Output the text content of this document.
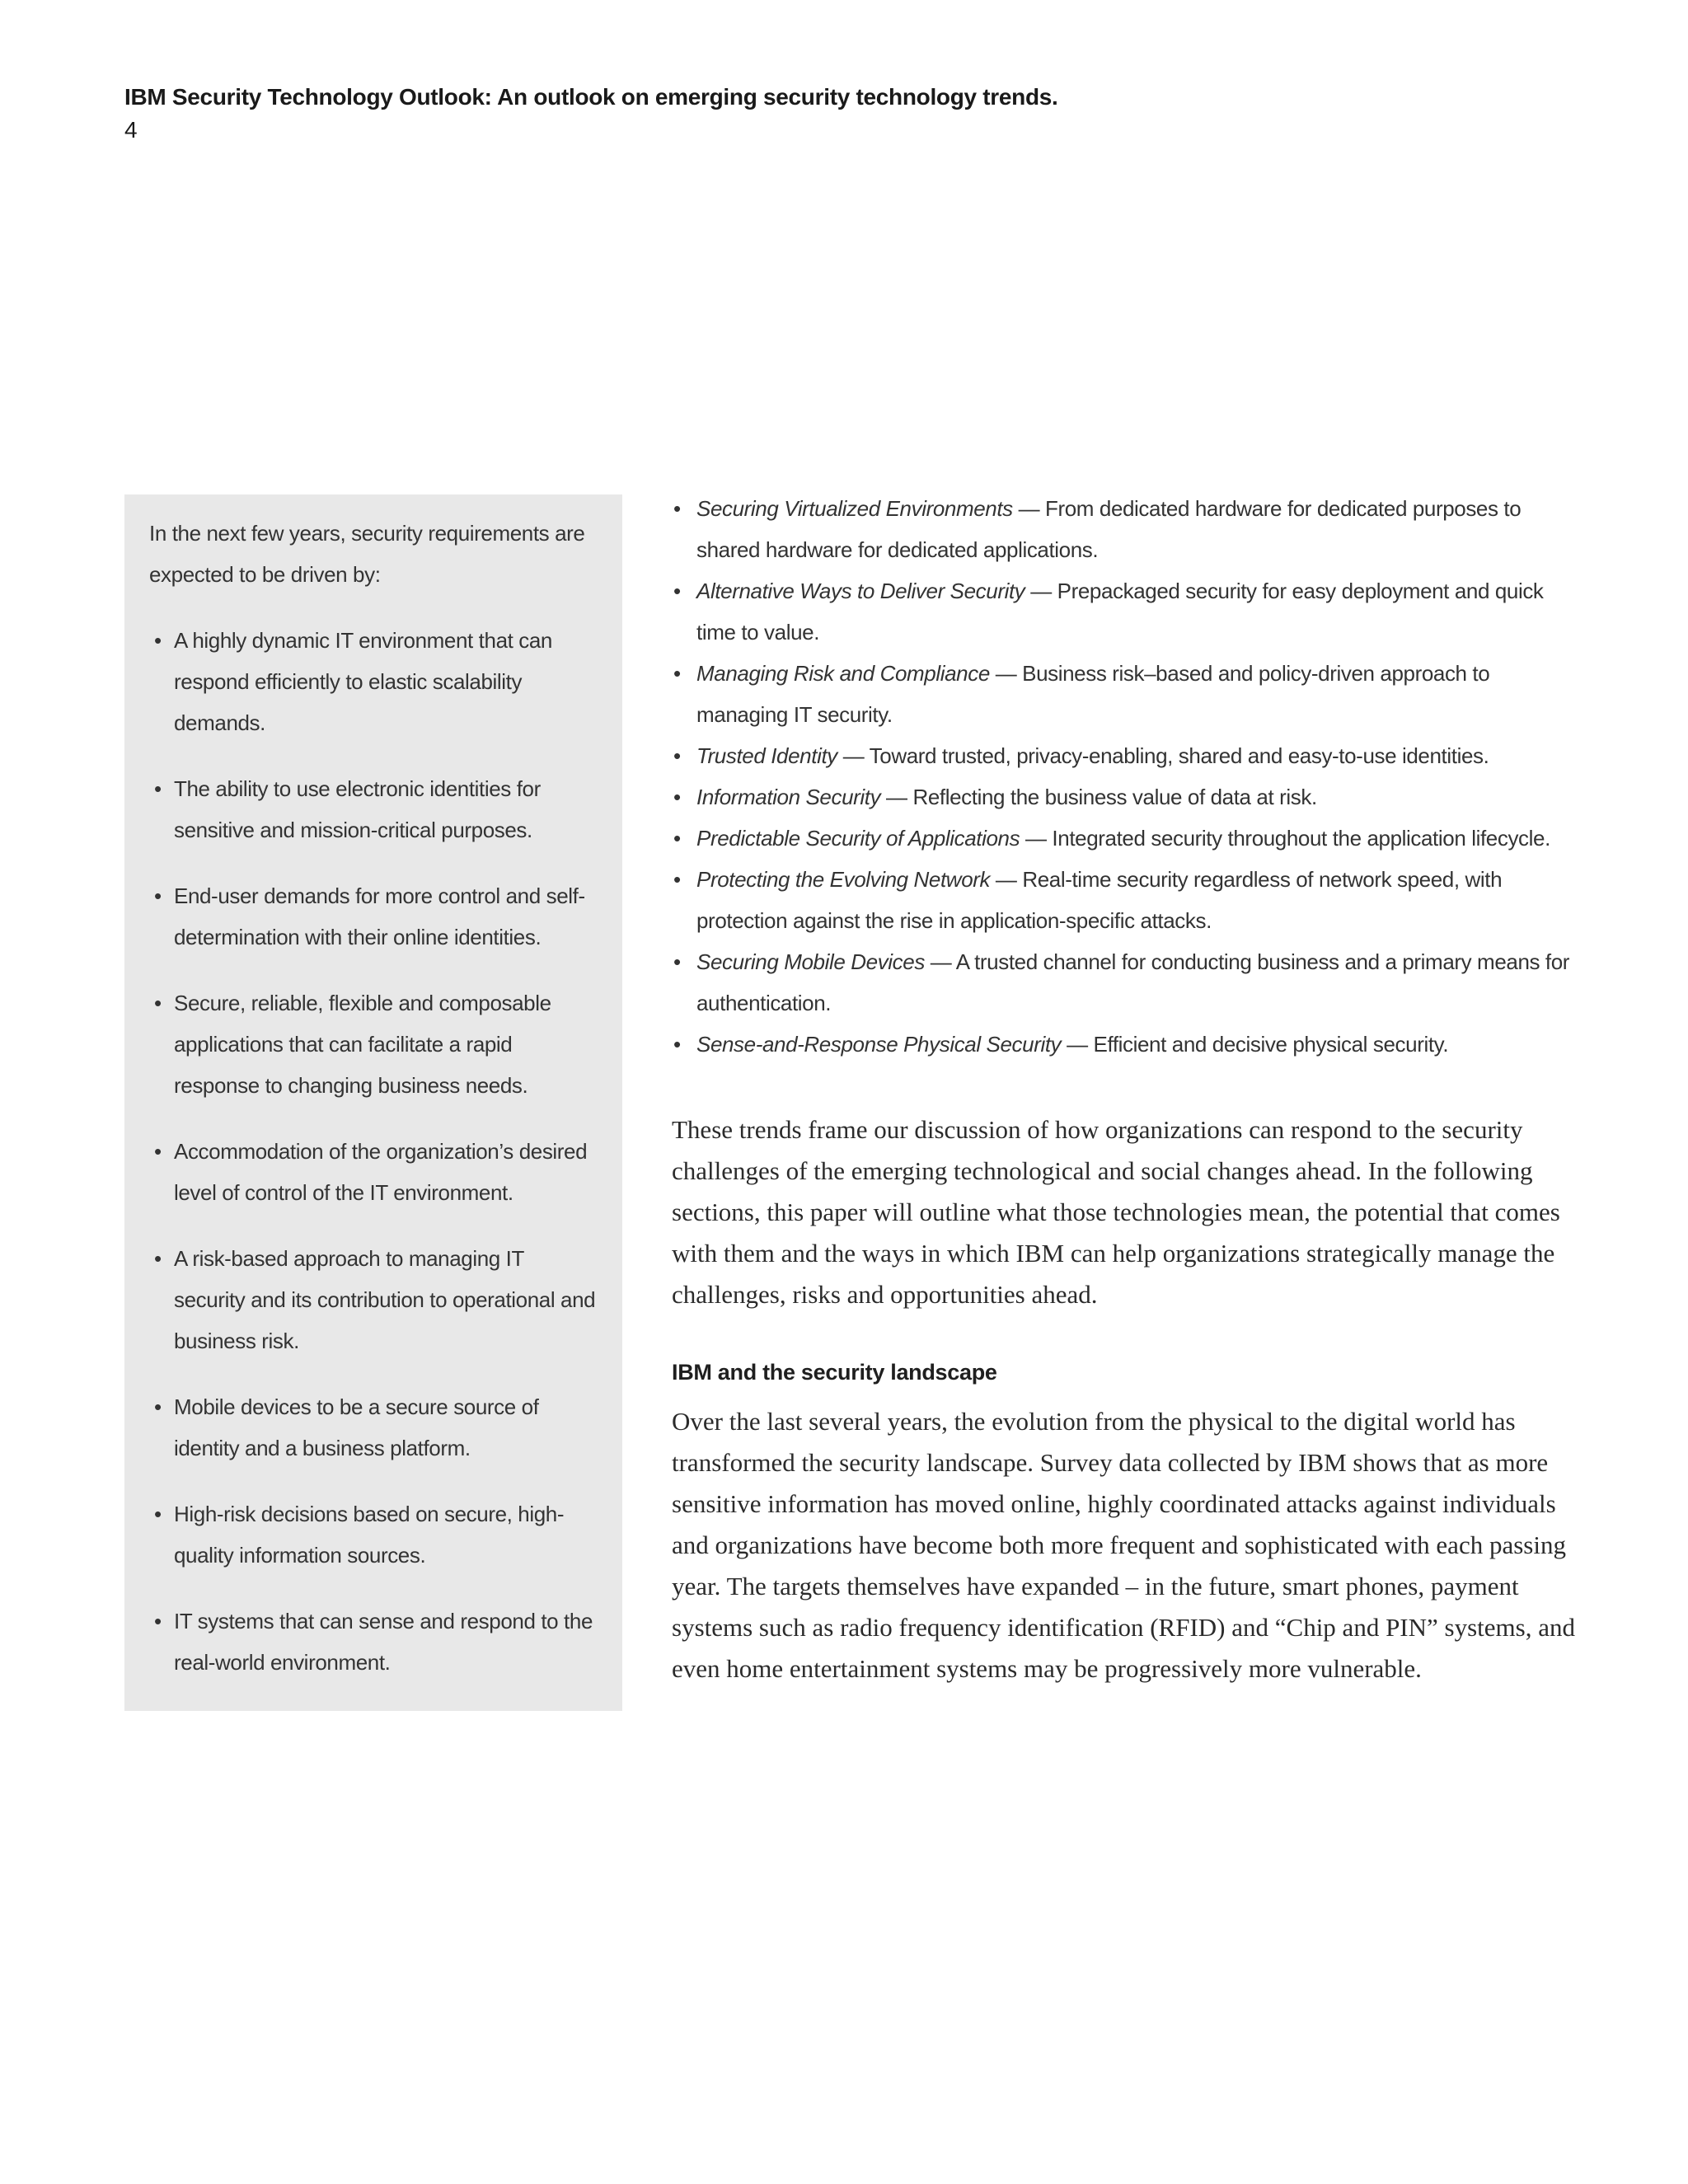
IBM Security Technology Outlook: An outlook on emerging security technology trends.
4

In the next few years, security requirements are expected to be driven by:

• A highly dynamic IT environment that can respond efficiently to elastic scalability demands.
• The ability to use electronic identities for sensitive and mission-critical purposes.
• End-user demands for more control and self-determination with their online identities.
• Secure, reliable, flexible and composable applications that can facilitate a rapid response to changing business needs.
• Accommodation of the organization’s desired level of control of the IT environment.
• A risk-based approach to managing IT security and its contribution to operational and business risk.
• Mobile devices to be a secure source of identity and a business platform.
• High-risk decisions based on secure, high-quality information sources.
• IT systems that can sense and respond to the real-world environment.
• Securing Virtualized Environments — From dedicated hardware for dedicated purposes to shared hardware for dedicated applications.
• Alternative Ways to Deliver Security — Prepackaged security for easy deployment and quick time to value.
• Managing Risk and Compliance — Business risk–based and policy-driven approach to managing IT security.
• Trusted Identity — Toward trusted, privacy-enabling, shared and easy-to-use identities.
• Information Security — Reflecting the business value of data at risk.
• Predictable Security of Applications — Integrated security throughout the application lifecycle.
• Protecting the Evolving Network — Real-time security regardless of network speed, with protection against the rise in application-specific attacks.
• Securing Mobile Devices — A trusted channel for conducting business and a primary means for authentication.
• Sense-and-Response Physical Security — Efficient and decisive physical security.

These trends frame our discussion of how organizations can respond to the security challenges of the emerging technological and social changes ahead. In the following sections, this paper will outline what those technologies mean, the potential that comes with them and the ways in which IBM can help organizations strategically manage the challenges, risks and opportunities ahead.

IBM and the security landscape

Over the last several years, the evolution from the physical to the digital world has transformed the security landscape. Survey data collected by IBM shows that as more sensitive information has moved online, highly coordinated attacks against individuals and organizations have become both more frequent and sophisticated with each passing year. The targets themselves have expanded – in the future, smart phones, payment systems such as radio frequency identification (RFID) and “Chip and PIN” systems, and even home entertainment systems may be progressively more vulnerable.
